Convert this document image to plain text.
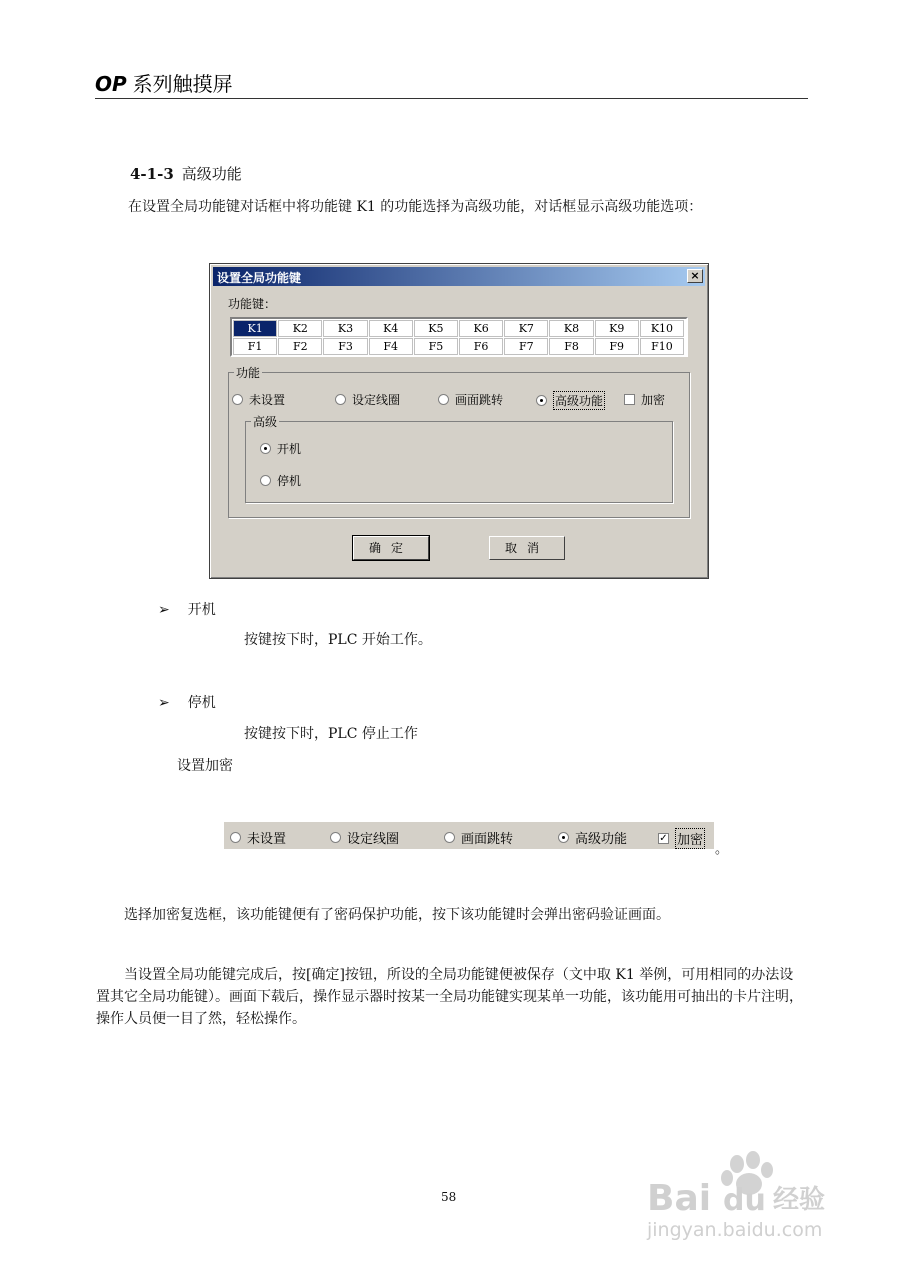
OP 系列触摸屏
4-1-3 高级功能
在设置全局功能键对话框中将功能键 K1 的功能选择为高级功能，对话框显示高级功能选项：
设置全局功能键	×
功能键：
K1	K2	K3	K4	K5	K6	K7	K8	K9	K10
F1	F2	F3	F4	F5	F6	F7	F8	F9	F10
功能
未设置	设定线圈	画面跳转	高级功能	加密
高级
开机
停机
确定	取消
➢ 开机
按键按下时，PLC 开始工作。
➢ 停机
按键按下时，PLC 停止工作
设置加密
未设置	设定线圈	画面跳转	高级功能	✓ 加密
。
选择加密复选框，该功能键便有了密码保护功能，按下该功能键时会弹出密码验证画面。
当设置全局功能键完成后，按[确定]按钮，所设的全局功能键便被保存（文中取 K1 举例，可用相同的办法设置其它全局功能键）。画面下载后，操作显示器时按某一全局功能键实现某单一功能，该功能用可抽出的卡片注明，操作人员便一目了然，轻松操作。
58	Bai du 经验
jingyan.baidu.com
